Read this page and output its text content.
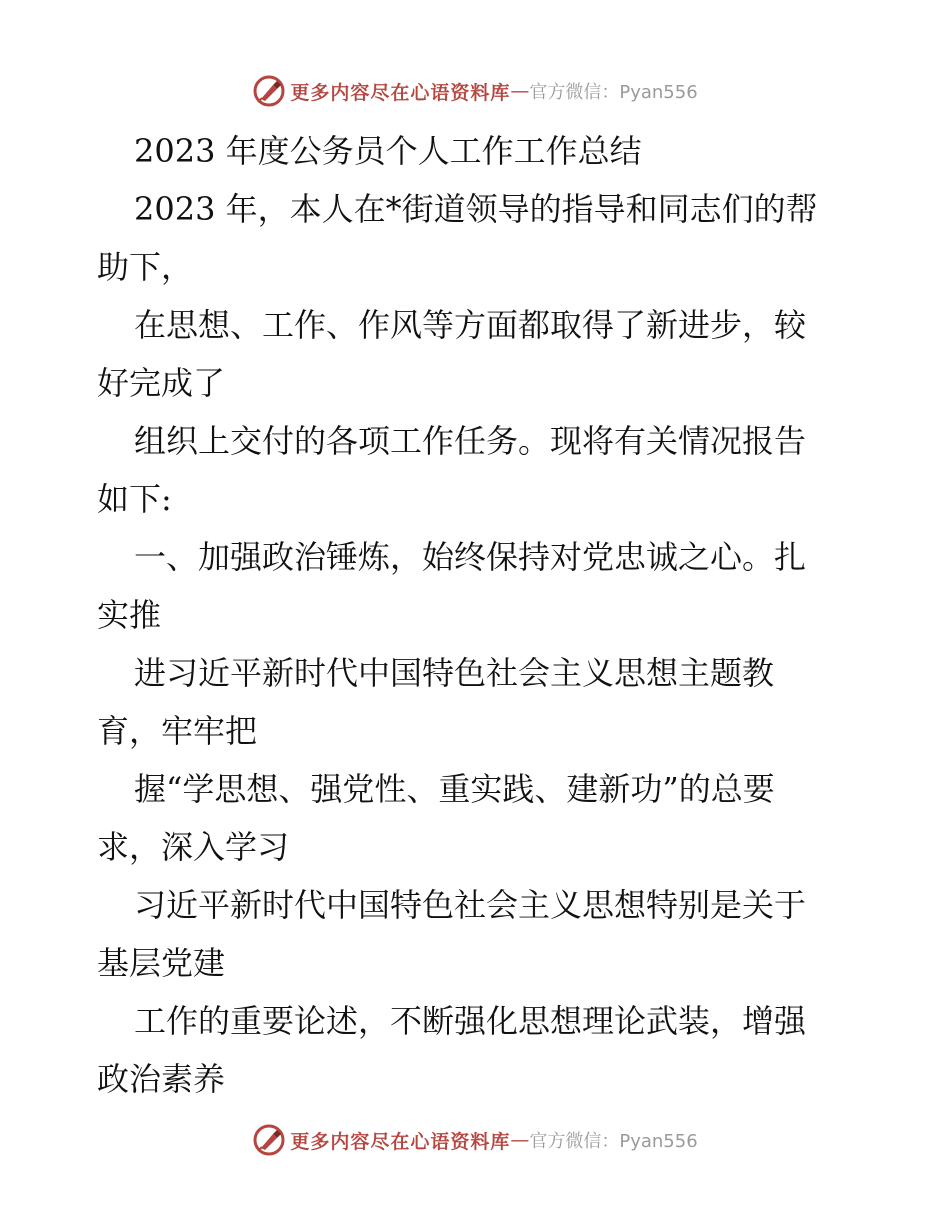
更多内容尽在心语资料库 — 官方微信：Pyan556

2023 年度公务员个人工作工作总结

2023 年，本人在*街道领导的指导和同志们的帮

助下，

在思想、工作、作风等方面都取得了新进步，较

好完成了

组织上交付的各项工作任务。现将有关情况报告

如下:

一、加强政治锤炼，始终保持对党忠诚之心。扎

实推

进习近平新时代中国特色社会主义思想主题教

育，牢牢把

握“学思想、强党性、重实践、建新功”的总要

求，深入学习

习近平新时代中国特色社会主义思想特别是关于

基层党建

工作的重要论述，不断强化思想理论武装，增强

政治素养

更多内容尽在心语资料库 — 官方微信：Pyan556
